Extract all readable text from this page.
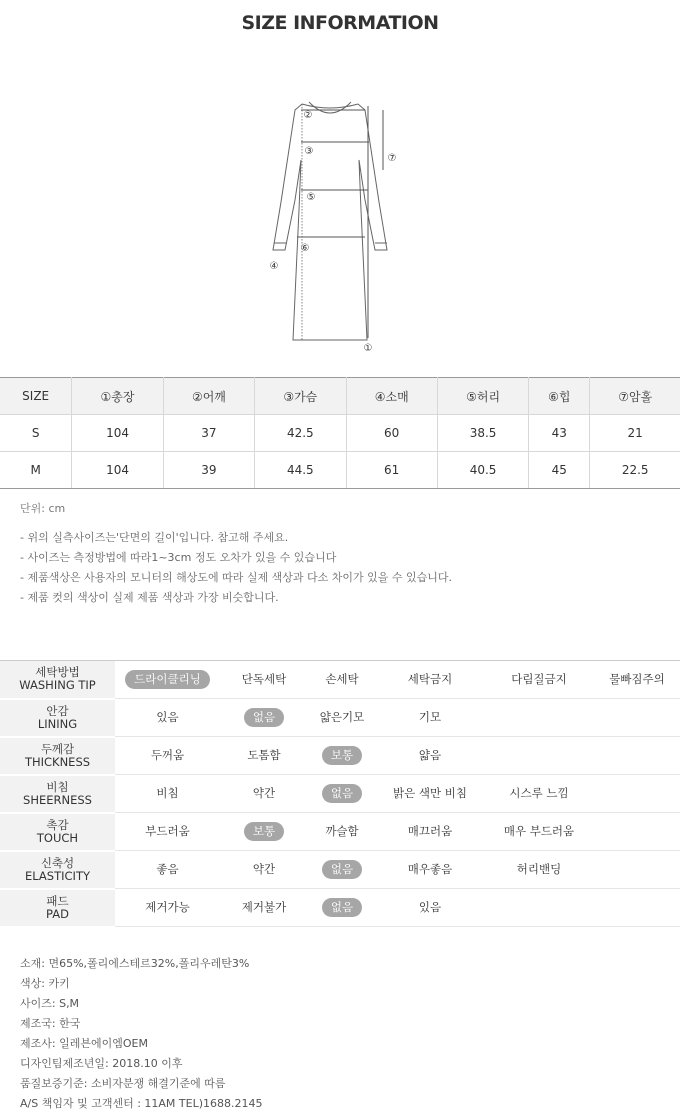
SIZE INFORMATION
①
②
③
④
⑤
⑥
⑦
SIZE	①총장	②어깨	③가슴	④소매	⑤허리	⑥힙	⑦암홀
S	104	37	42.5	60	38.5	43	21
M	104	39	44.5	61	40.5	45	22.5
단위: cm
- 위의 실측사이즈는'단면의 길이'입니다. 참고해 주세요.
- 사이즈는 측정방법에 따라1~3cm 정도 오차가 있을 수 있습니다
- 제품색상은 사용자의 모니터의 해상도에 따라 실제 색상과 다소 차이가 있을 수 있습니다.
- 제품 컷의 색상이 실제 제품 색상과 가장 비슷합니다.
세탁방법
WASHING TIP	드라이클리닝	단독세탁	손세탁	세탁금지	다림질금지	물빠짐주의

안감
LINING	있음	없음	얇은기모	기모		

두께감
THICKNESS	두꺼움	도톰함	보통	얇음		

비침
SHEERNESS	비침	약간	없음	밝은 색만 비침	시스루 느낌	

촉감
TOUCH	부드러움	보통	까슬함	매끄러움	매우 부드러움	

신축성
ELASTICITY	좋음	약간	없음	매우좋음	허리밴딩	

패드
PAD	제거가능	제거불가	없음	있음		
소재: 면65%,폴리에스테르32%,폴리우레탄3%
색상: 카키
사이즈: S,M
제조국: 한국
제조사: 일레븐에이엠OEM
디자인팀제조년일: 2018.10 이후
품질보증기준: 소비자분쟁 해결기준에 따름
A/S 책임자 및 고객센터 : 11AM TEL)1688.2145
